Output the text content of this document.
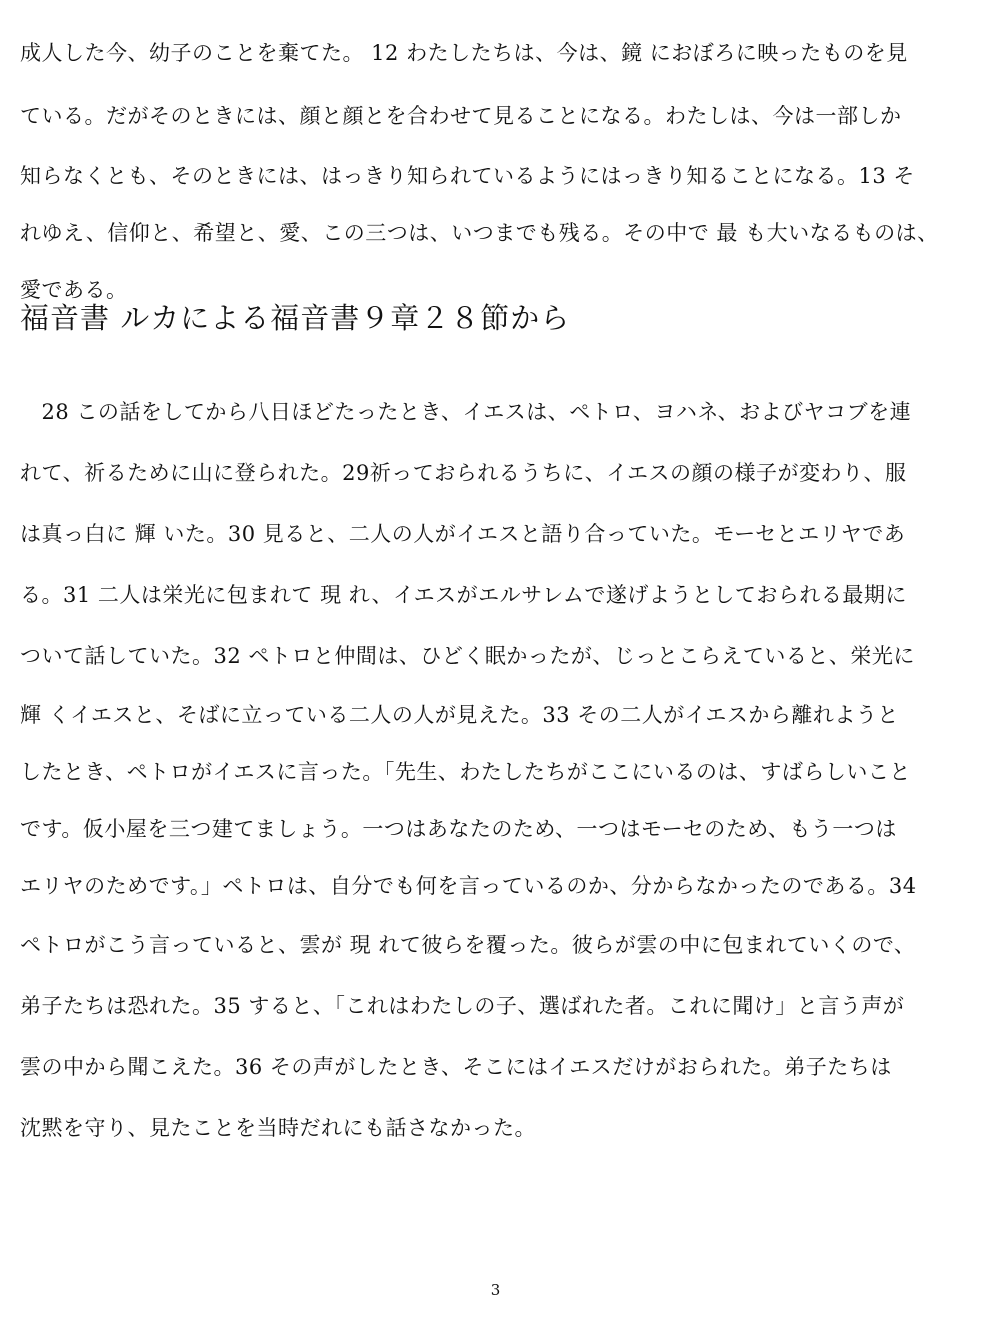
成人した今、幼子のことを棄てた。 12 わたしたちは、今は、鏡 におぼろに映ったものを見
ている。だがそのときには、顔と顔とを合わせて見ることになる。わたしは、今は一部しか
知らなくとも、そのときには、はっきり知られているようにはっきり知ることになる。13 そ
れゆえ、信仰と、希望と、愛、この三つは、いつまでも残る。その中で 最 も大いなるものは、
愛である。
福音書 ルカによる福音書９章２８節から
　28 この話をしてから八日ほどたったとき、イエスは、ペトロ、ヨハネ、およびヤコブを連
れて、祈るために山に登られた。29祈っておられるうちに、イエスの顔の様子が変わり、服
は真っ白に 輝 いた。30 見ると、二人の人がイエスと語り合っていた。モーセとエリヤであ
る。31 二人は栄光に包まれて 現 れ、イエスがエルサレムで遂げようとしておられる最期に
ついて話していた。32 ペトロと仲間は、ひどく眠かったが、じっとこらえていると、栄光に
輝 くイエスと、そばに立っている二人の人が見えた。33 その二人がイエスから離れようと
したとき、ペトロがイエスに言った。「先生、わたしたちがここにいるのは、すばらしいこと
です。仮小屋を三つ建てましょう。一つはあなたのため、一つはモーセのため、もう一つは
エリヤのためです。」ペトロは、自分でも何を言っているのか、分からなかったのである。34
ペトロがこう言っていると、雲が 現 れて彼らを覆った。彼らが雲の中に包まれていくので、
弟子たちは恐れた。35 すると、「これはわたしの子、選ばれた者。これに聞け」と言う声が
雲の中から聞こえた。36 その声がしたとき、そこにはイエスだけがおられた。弟子たちは
沈黙を守り、見たことを当時だれにも話さなかった。
3
